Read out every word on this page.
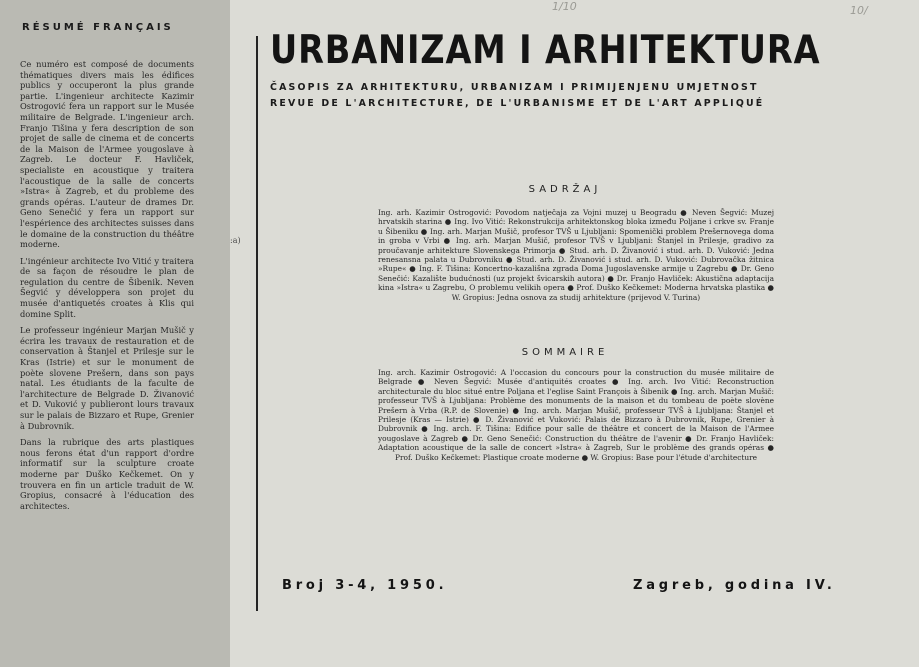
RÉSUMÉ FRANÇAIS

Ce numéro est composé de documents thématiques divers mais les édifices publics y occuperont la plus grande partie. L'ingenieur architecte Kazimir Ostrogović fera un rapport sur le Musée militaire de Belgrade. L'ingenieur arch. Franjo Tišina y fera description de son projet de salle de cinema et de concerts de la Maison de l'Armee yougoslave à Zagreb. Le docteur F. Havliček, specialiste en acoustique y traitera l'acoustique de la salle de concerts »Istra« à Zagreb, et du probleme des grands opéras. L'auteur de drames Dr. Geno Senečić y fera un rapport sur l'espérience des architectes suisses dans le domaine de la construction du théâtre moderne.

L'ingénieur architecte Ivo Vitić y traitera de sa façon de résoudre le plan de regulation du centre de Šibenik. Neven Šegvić y développera son projet du musée d'antiquetés croates à Klis qui domine Split.

Le professeur ingénieur Marjan Mušič y écrira les travaux de restauration et de conservation à Štanjel et Prilesje sur le Kras (Istrie) et sur le monument de poète slovene Prešern, dans son pays natal. Les étudiants de la faculte de l'architecture de Belgrade D. Živanović et D. Vuković y publieront lours travaux sur le palais de Bizzaro et Rupe, Grenier à Dubrovnik.

Dans la rubrique des arts plastiques nous ferons état d'un rapport d'ordre informatif sur la sculpture croate moderne par Duško Kečkemet. On y trouvera en fin un article traduit de W. Gropius, consacré à l'éducation des architectes.

:a)
1/10	10/
URBANIZAM I ARHITEKTURA
ČASOPIS ZA ARHITEKTURU, URBANIZAM I PRIMIJENJENU UMJETNOST
REVUE DE L'ARCHITECTURE, DE L'URBANISME ET DE L'ART APPLIQUÉ
SADRŽAJ
Ing. arh. Kazimir Ostrogović: Povodom natječaja za Vojni muzej u Beogradu ● Neven Šegvić: Muzej hrvatskih starina ● Ing. Ivo Vitić: Rekonstrukcija arhitektonskog bloka između Poljane i crkve sv. Franje u Šibeniku ● Ing. arh. Marjan Mušič, profesor TVŠ u Ljubljani: Spomenički problem Prešernovega doma in groba v Vrbi ● Ing. arh. Marjan Mušič, profesor TVŠ v Ljubljani: Štanjel in Prilesje, gradivo za proučavanje arhitekture Slovenskega Primorja ● Stud. arh. D. Živanović i stud. arh. D. Vuković: Jedna renesansna palata u Dubrovniku ● Stud. arh. D. Živanović i stud. arh. D. Vuković: Dubrovačka žitnica »Rupe« ● Ing. F. Tišina: Koncertno-kazališna zgrada Doma Jugoslavenske armije u Zagrebu ● Dr. Geno Senečić: Kazalište budućnosti (uz projekt švicarskih autora) ● Dr. Franjo Havliček: Akustična adaptacija kina »Istra« u Zagrebu, O problemu velikih opera ● Prof. Duško Kečkemet: Moderna hrvatska plastika ● W. Gropius: Jedna osnova za studij arhitekture (prijevod V. Turina)
SOMMAIRE
Ing. arch. Kazimir Ostrogović: A l'occasion du concours pour la construction du musée militaire de Belgrade ● Neven Šegvić: Musée d'antiquités croates ● Ing. arch. Ivo Vitić: Reconstruction architecturale du bloc situé entre Poljana et l'eglise Saint François à Šibenik ● Ing. arch. Marjan Mušič: professeur TVŠ à Ljubljana: Problème des monuments de la maison et du tombeau de poète slovène Prešern à Vrba (R.P. de Slovenie) ● Ing. arch. Marjan Mušič, professeur TVŠ à Ljubljana: Štanjel et Prilesje (Kras — Istrie) ● D. Živanović et Vuković: Palais de Bizzaro à Dubrovnik, Rupe, Grenier à Dubrovnik ● Ing. arch. F. Tišina: Edifice pour salle de théâtre et concert de la Maison de l'Armee yougoslave à Zagreb ● Dr. Geno Senečić: Construction du théâtre de l'avenir ● Dr. Franjo Havliček: Adaptation acoustique de la salle de concert »Istra« à Zagreb, Sur le problème des grands opéras ● Prof. Duško Kečkemet: Plastique croate moderne ● W. Gropius: Base pour l'étude d'architecture
Broj 3-4, 1950.	Zagreb, godina IV.
